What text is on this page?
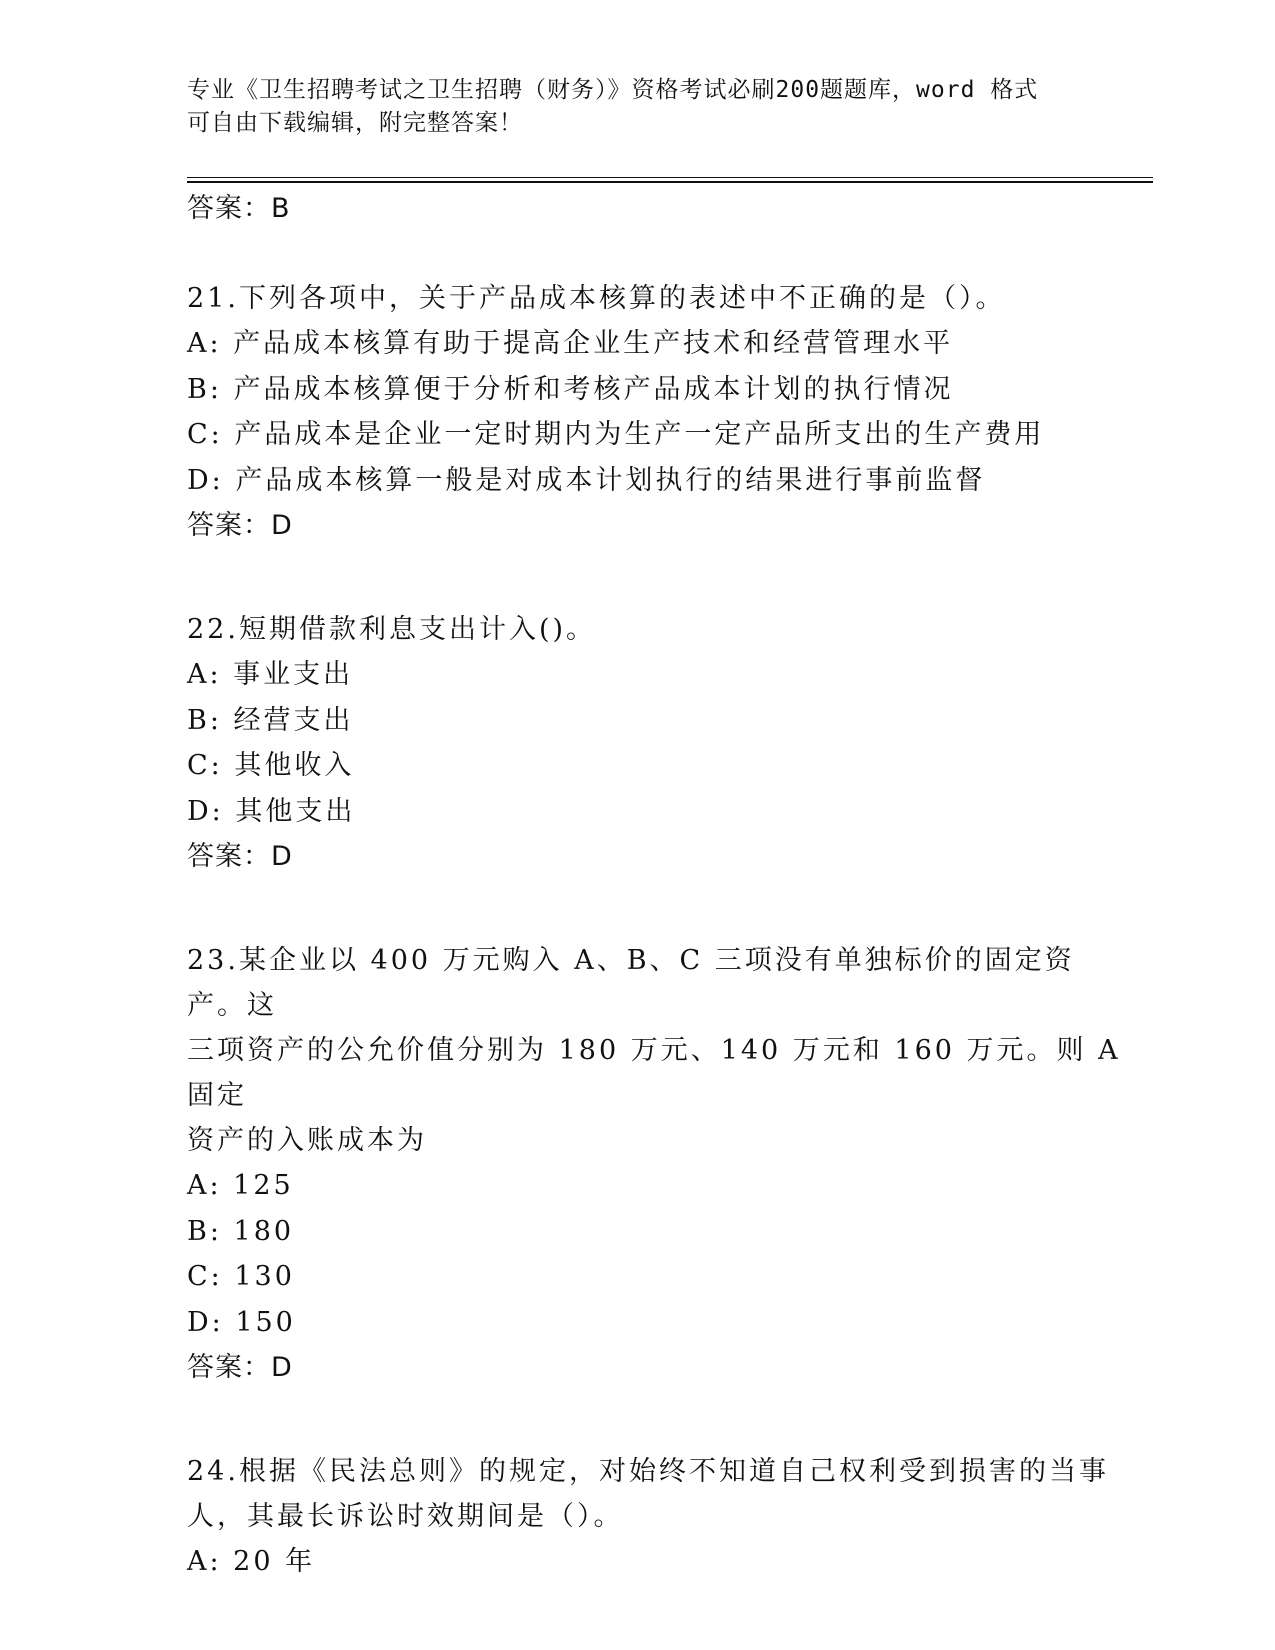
专业《卫生招聘考试之卫生招聘（财务）》资格考试必刷200题题库，word 格式
可自由下载编辑，附完整答案！
答案：B
21.下列各项中，关于产品成本核算的表述中不正确的是（）。
A: 产品成本核算有助于提高企业生产技术和经营管理水平
B: 产品成本核算便于分析和考核产品成本计划的执行情况
C: 产品成本是企业一定时期内为生产一定产品所支出的生产费用
D: 产品成本核算一般是对成本计划执行的结果进行事前监督
答案：D
22.短期借款利息支出计入()。
A: 事业支出
B: 经营支出
C: 其他收入
D: 其他支出
答案：D
23.某企业以 400 万元购入 A、B、C 三项没有单独标价的固定资产。这
三项资产的公允价值分别为 180 万元、140 万元和 160 万元。则 A 固定
资产的入账成本为
A: 125
B: 180
C: 130
D: 150
答案：D
24.根据《民法总则》的规定，对始终不知道自己权利受到损害的当事
人，其最长诉讼时效期间是（）。
A: 20 年
